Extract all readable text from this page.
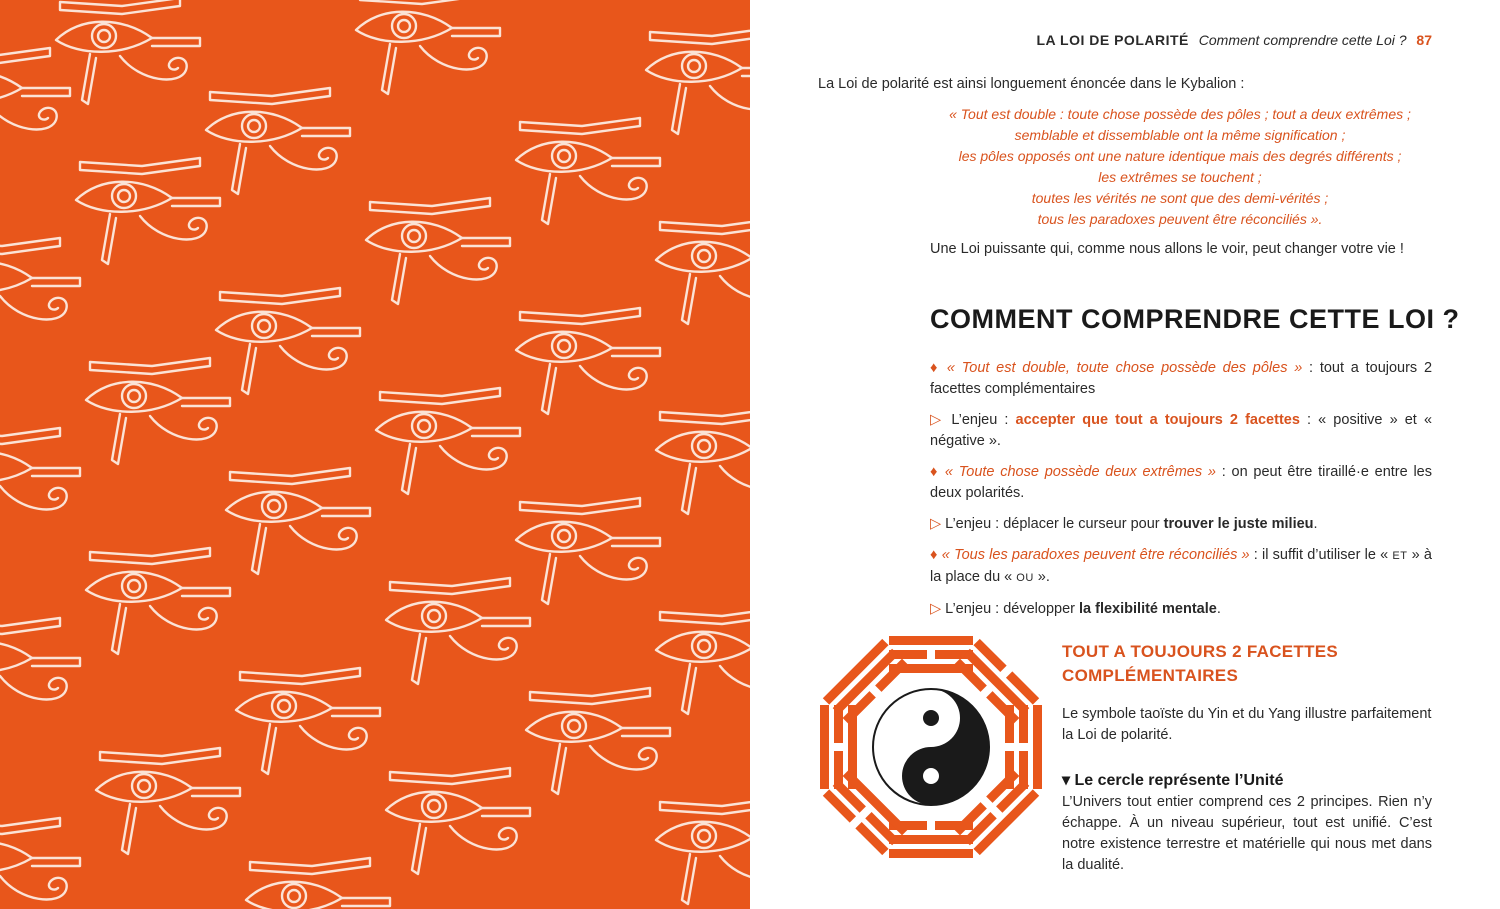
LA LOI DE POLARITÉ Comment comprendre cette Loi ? 87
La Loi de polarité est ainsi longuement énoncée dans le Kybalion :
« Tout est double : toute chose possède des pôles ; tout a deux extrêmes ;
semblable et dissemblable ont la même signification ;
les pôles opposés ont une nature identique mais des degrés différents ;
les extrêmes se touchent ;
toutes les vérités ne sont que des demi-vérités ;
tous les paradoxes peuvent être réconciliés ».
Une Loi puissante qui, comme nous allons le voir, peut changer votre vie !
COMMENT COMPRENDRE CETTE LOI ?

♦ « Tout est double, toute chose possède des pôles » : tout a toujours 2 facettes complémentaires

▷ L’enjeu : accepter que tout a toujours 2 facettes : « positive » et « négative ».

♦ « Toute chose possède deux extrêmes » : on peut être tiraillé·e entre les deux polarités.

▷ L’enjeu : déplacer le curseur pour trouver le juste milieu.

♦ « Tous les paradoxes peuvent être réconciliés » : il suffit d’utiliser le « ET » à la place du « OU ».

▷ L’enjeu : développer la flexibilité mentale.

TOUT A TOUJOURS 2 FACETTES
COMPLÉMENTAIRES
Le symbole taoïste du Yin et du Yang illustre parfaitement la Loi de polarité.
▾ Le cercle représente l’Unité
L’Univers tout entier comprend ces 2 principes. Rien n’y échappe. À un niveau supérieur, tout est unifié. C’est notre existence terrestre et matérielle qui nous met dans la dualité.
